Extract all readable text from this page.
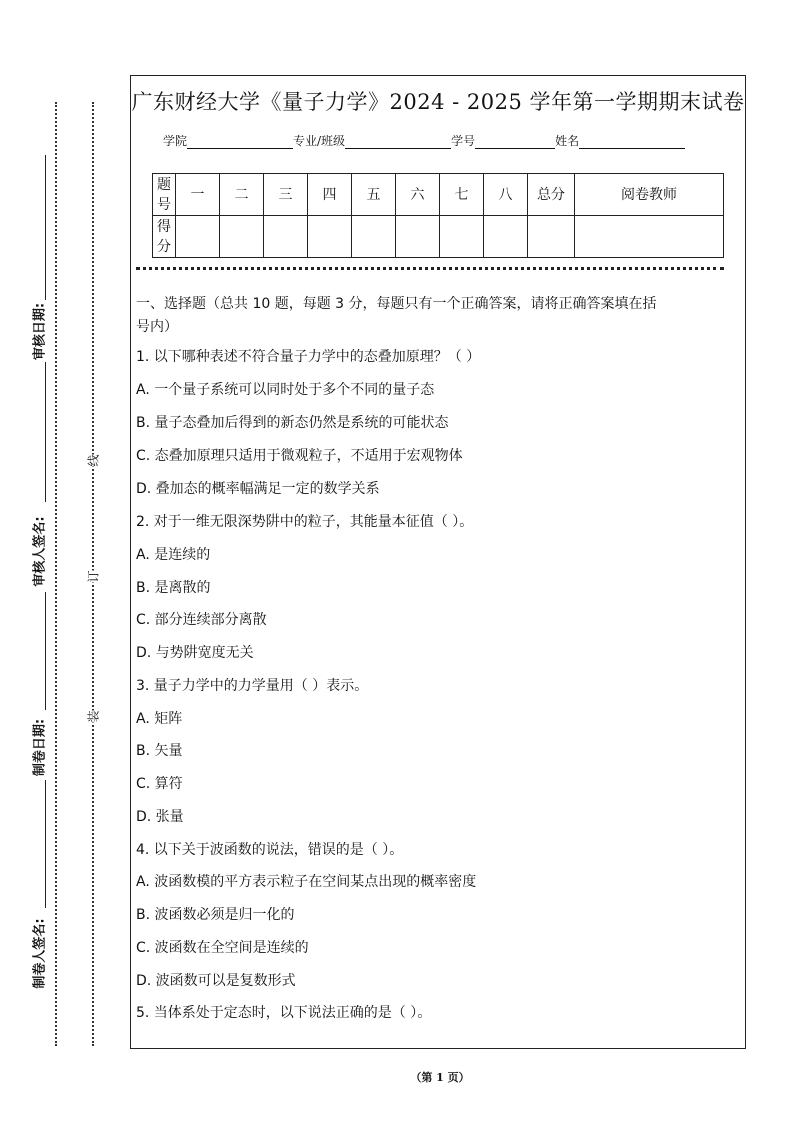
广东财经大学《量子力学》2024 - 2025 学年第一学期期末试卷
学院	专业/班级	学号	姓名
题号	一	二	三	四	五	六	七	八	总分	阅卷教师
得分										
一、选择题（总共 10 题，每题 3 分，每题只有一个正确答案，请将正确答案填在括
号内）
1. 以下哪种表述不符合量子力学中的态叠加原理？（ ）
A. 一个量子系统可以同时处于多个不同的量子态
B. 量子态叠加后得到的新态仍然是系统的可能状态
C. 态叠加原理只适用于微观粒子，不适用于宏观物体
D. 叠加态的概率幅满足一定的数学关系
2. 对于一维无限深势阱中的粒子，其能量本征值（ ）。
A. 是连续的
B. 是离散的
C. 部分连续部分离散
D. 与势阱宽度无关
3. 量子力学中的力学量用（ ）表示。
A. 矩阵
B. 矢量
C. 算符
D. 张量
4. 以下关于波函数的说法，错误的是（ ）。
A. 波函数模的平方表示粒子在空间某点出现的概率密度
B. 波函数必须是归一化的
C. 波函数在全空间是连续的
D. 波函数可以是复数形式
5. 当体系处于定态时，以下说法正确的是（ ）。
审核日期:
审核人签名:
制卷日期:
制卷人签名:
线
订
装
（第 1 页）
